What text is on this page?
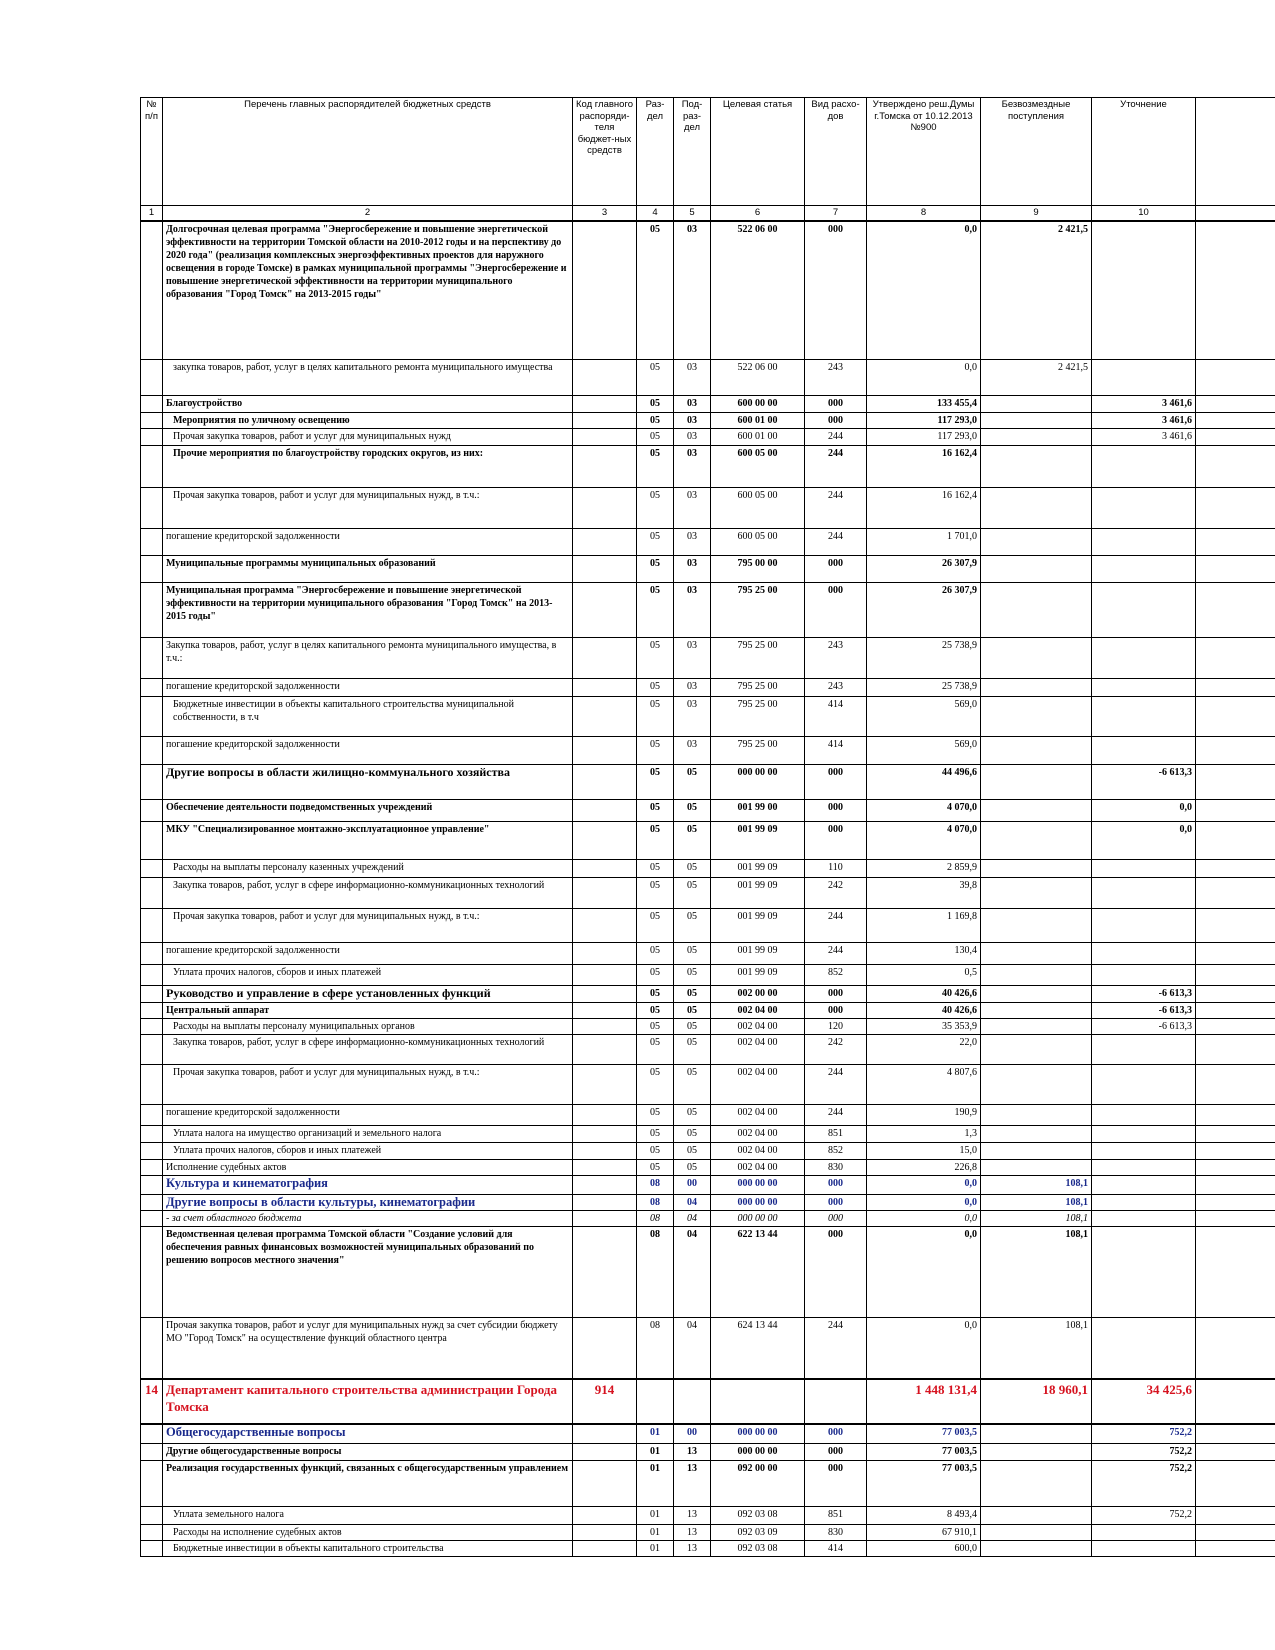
№ п/п	Перечень главных распорядителей бюджетных средств	Код главного распоряди-теля бюджет-ных средств	Раз-дел	Под-раз-дел	Целевая статья	Вид расхо-дов	Утверждено реш.Думы г.Томска от 10.12.2013 №900	Безвозмездные поступления	Уточнение	
1	2	3	4	5	6	7	8	9	10	
	Долгосрочная целевая программа "Энергосбережение и повышение энергетической эффективности на территории Томской области на 2010-2012 годы и на перспективу до 2020 года" (реализация комплексных энергоэффективных проектов для наружного освещения в городе Томске) в рамках муниципальной программы "Энергосбережение и повышение энергетической эффективности на территории муниципального образования "Город Томск" на 2013-2015 годы"		05	03	522 06 00	000	0,0	2 421,5		
	закупка товаров, работ, услуг в целях капитального ремонта муниципального имущества		05	03	522 06 00	243	0,0	2 421,5		
	Благоустройство		05	03	600 00 00	000	133 455,4		3 461,6	
	Мероприятия по уличному освещению		05	03	600 01 00	000	117 293,0		3 461,6	
	Прочая закупка товаров, работ и услуг для муниципальных нужд		05	03	600 01 00	244	117 293,0		3 461,6	
	Прочие мероприятия по благоустройству городских округов, из них:		05	03	600 05 00	244	16 162,4			
	Прочая закупка товаров, работ и услуг для муниципальных нужд, в т.ч.:		05	03	600 05 00	244	16 162,4			
	погашение кредиторской задолженности		05	03	600 05 00	244	1 701,0			
	Муниципальные программы муниципальных образований		05	03	795 00 00	000	26 307,9			
	Муниципальная программа "Энергосбережение и повышение энергетической эффективности на территории муниципального образования "Город Томск" на 2013-2015 годы"		05	03	795 25 00	000	26 307,9			
	Закупка товаров, работ, услуг в целях капитального ремонта муниципального имущества, в т.ч.:		05	03	795 25 00	243	25 738,9			
	погашение кредиторской задолженности		05	03	795 25 00	243	25 738,9			
	Бюджетные инвестиции в объекты капитального строительства муниципальной собственности, в т.ч		05	03	795 25 00	414	569,0			
	погашение кредиторской задолженности		05	03	795 25 00	414	569,0			
	Другие вопросы в области жилищно-коммунального хозяйства		05	05	000 00 00	000	44 496,6		-6 613,3	
	Обеспечение деятельности подведомственных учреждений		05	05	001 99 00	000	4 070,0		0,0	
	МКУ "Специализированное монтажно-эксплуатационное управление"		05	05	001 99 09	000	4 070,0		0,0	
	Расходы на выплаты персоналу казенных учреждений		05	05	001 99 09	110	2 859,9			
	Закупка товаров, работ, услуг в сфере информационно-коммуникационных технологий		05	05	001 99 09	242	39,8			
	Прочая закупка товаров, работ и услуг для муниципальных нужд, в т.ч.:		05	05	001 99 09	244	1 169,8			
	погашение кредиторской задолженности		05	05	001 99 09	244	130,4			
	Уплата прочих налогов, сборов и иных платежей		05	05	001 99 09	852	0,5			
	Руководство и управление в сфере установленных функций		05	05	002 00 00	000	40 426,6		-6 613,3	
	Центральный аппарат		05	05	002 04 00	000	40 426,6		-6 613,3	
	Расходы на выплаты персоналу муниципальных органов		05	05	002 04 00	120	35 353,9		-6 613,3	
	Закупка товаров, работ, услуг в сфере информационно-коммуникационных технологий		05	05	002 04 00	242	22,0			
	Прочая закупка товаров, работ и услуг для муниципальных нужд, в т.ч.:		05	05	002 04 00	244	4 807,6			
	погашение кредиторской задолженности		05	05	002 04 00	244	190,9			
	Уплата налога на имущество организаций и земельного налога		05	05	002 04 00	851	1,3			
	Уплата прочих налогов, сборов и иных платежей		05	05	002 04 00	852	15,0			
	Исполнение судебных актов		05	05	002 04 00	830	226,8			
	Культура и кинематография		08	00	000 00 00	000	0,0	108,1		
	Другие вопросы в области культуры, кинематографии		08	04	000 00 00	000	0,0	108,1		
	- за счет областного бюджета		08	04	000 00 00	000	0,0	108,1		
	Ведомственная целевая программа Томской области "Создание условий для обеспечения равных финансовых возможностей муниципальных образований по решению вопросов местного значения"		08	04	622 13 44	000	0,0	108,1		
	Прочая закупка товаров, работ и услуг для муниципальных нужд за счет субсидии бюджету МО "Город Томск" на осуществление функций областного центра		08	04	624 13 44	244	0,0	108,1		
14	Департамент капитального строительства администрации Города Томска	914					1 448 131,4	18 960,1	34 425,6	
	Общегосударственные вопросы		01	00	000 00 00	000	77 003,5		752,2	
	Другие общегосударственные вопросы		01	13	000 00 00	000	77 003,5		752,2	
	Реализация государственных функций, связанных с общегосударственным управлением		01	13	092 00 00	000	77 003,5		752,2	
	Уплата земельного налога		01	13	092 03 08	851	8 493,4		752,2	
	Расходы на исполнение судебных актов		01	13	092 03 09	830	67 910,1			
	Бюджетные инвестиции в объекты капитального строительства		01	13	092 03 08	414	600,0			
